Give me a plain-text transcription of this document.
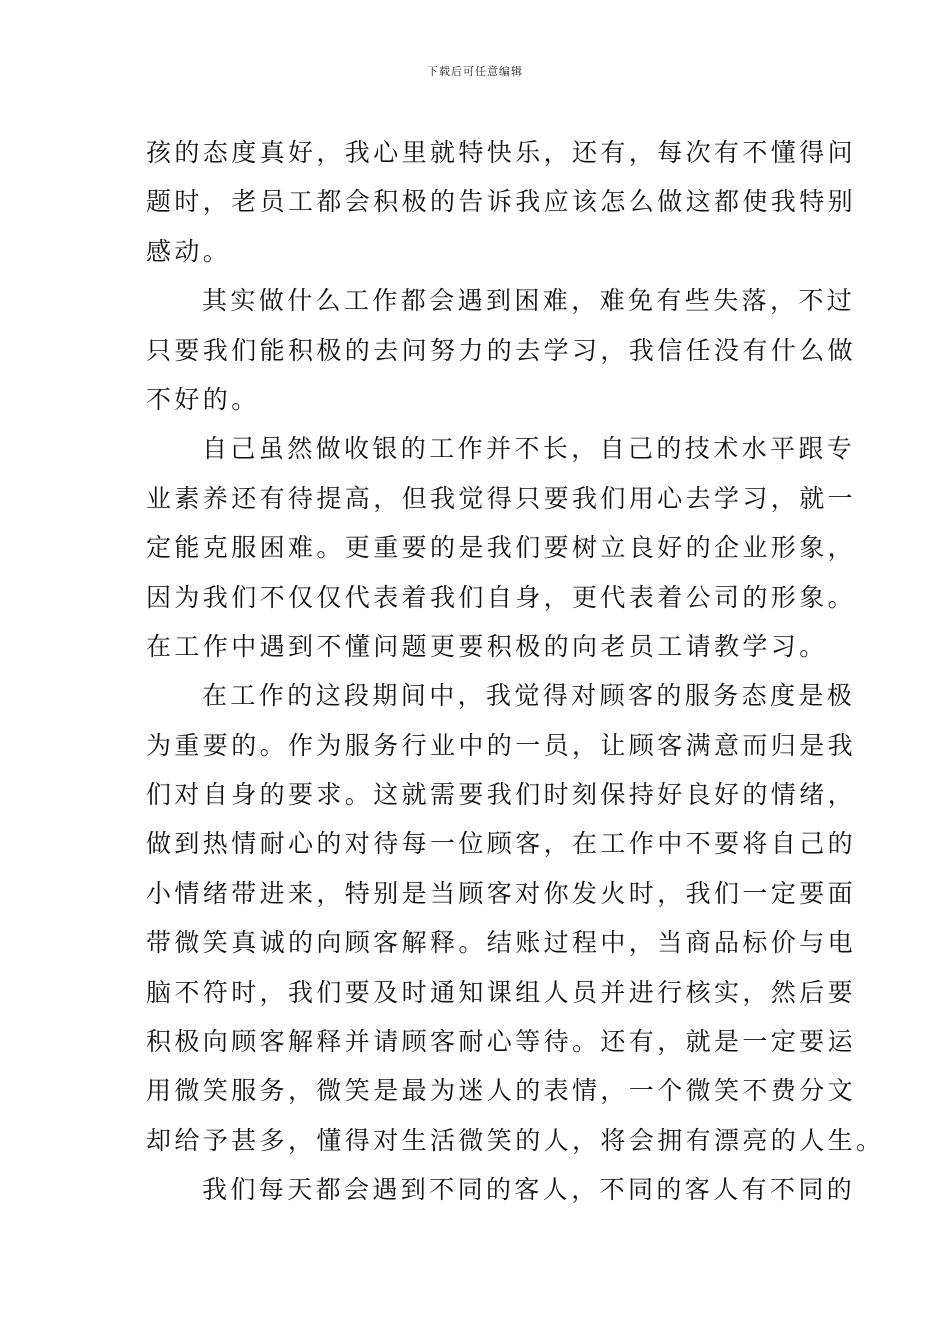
下载后可任意编辑
孩的态度真好，我心里就特快乐，还有，每次有不懂得问
题时，老员工都会积极的告诉我应该怎么做这都使我特别
感动。
其实做什么工作都会遇到困难，难免有些失落，不过
只要我们能积极的去问努力的去学习，我信任没有什么做
不好的。
自己虽然做收银的工作并不长，自己的技术水平跟专
业素养还有待提高，但我觉得只要我们用心去学习，就一
定能克服困难。更重要的是我们要树立良好的企业形象，
因为我们不仅仅代表着我们自身，更代表着公司的形象。
在工作中遇到不懂问题更要积极的向老员工请教学习。
在工作的这段期间中，我觉得对顾客的服务态度是极
为重要的。作为服务行业中的一员，让顾客满意而归是我
们对自身的要求。这就需要我们时刻保持好良好的情绪，
做到热情耐心的对待每一位顾客，在工作中不要将自己的
小情绪带进来，特别是当顾客对你发火时，我们一定要面
带微笑真诚的向顾客解释。结账过程中，当商品标价与电
脑不符时，我们要及时通知课组人员并进行核实，然后要
积极向顾客解释并请顾客耐心等待。还有，就是一定要运
用微笑服务，微笑是最为迷人的表情，一个微笑不费分文
却给予甚多，懂得对生活微笑的人，将会拥有漂亮的人生。
我们每天都会遇到不同的客人，不同的客人有不同的
